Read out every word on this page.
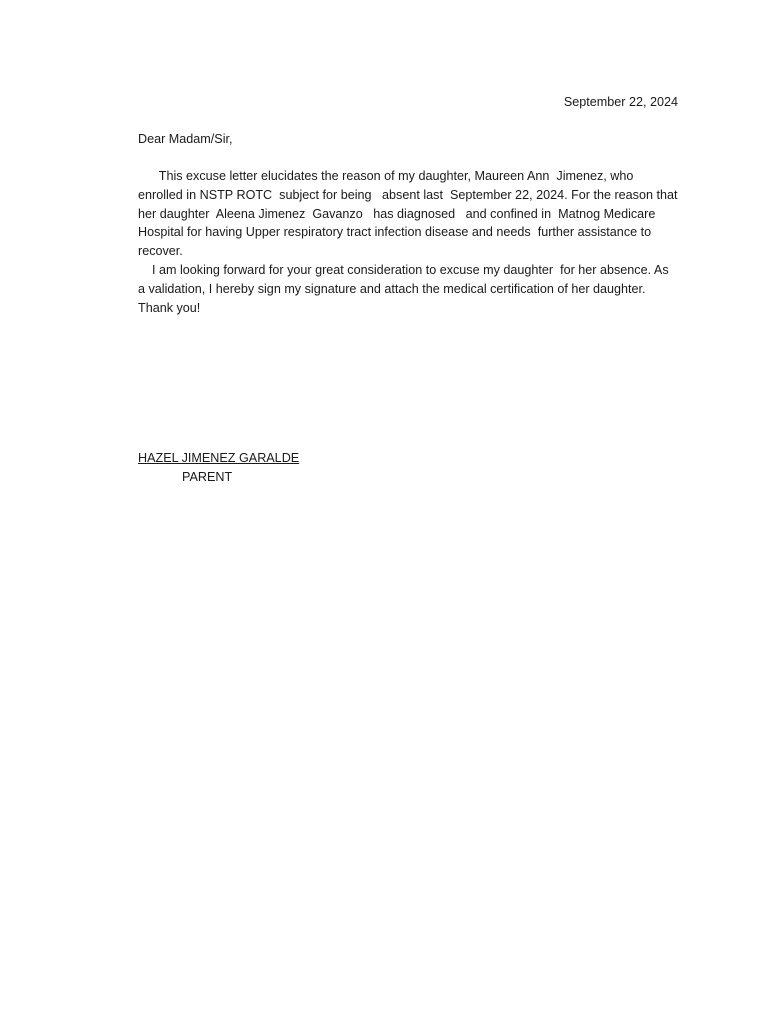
September 22, 2024
Dear Madam/Sir,
This excuse letter elucidates the reason of my daughter, Maureen Ann  Jimenez, who
enrolled in NSTP ROTC  subject for being   absent last  September 22, 2024. For the reason that
her daughter  Aleena Jimenez  Gavanzo   has diagnosed   and confined in  Matnog Medicare
Hospital for having Upper respiratory tract infection disease and needs  further assistance to
recover.
I am looking forward for your great consideration to excuse my daughter  for her absence. As
a validation, I hereby sign my signature and attach the medical certification of her daughter.
Thank you!
HAZEL JIMENEZ GARALDE
PARENT
